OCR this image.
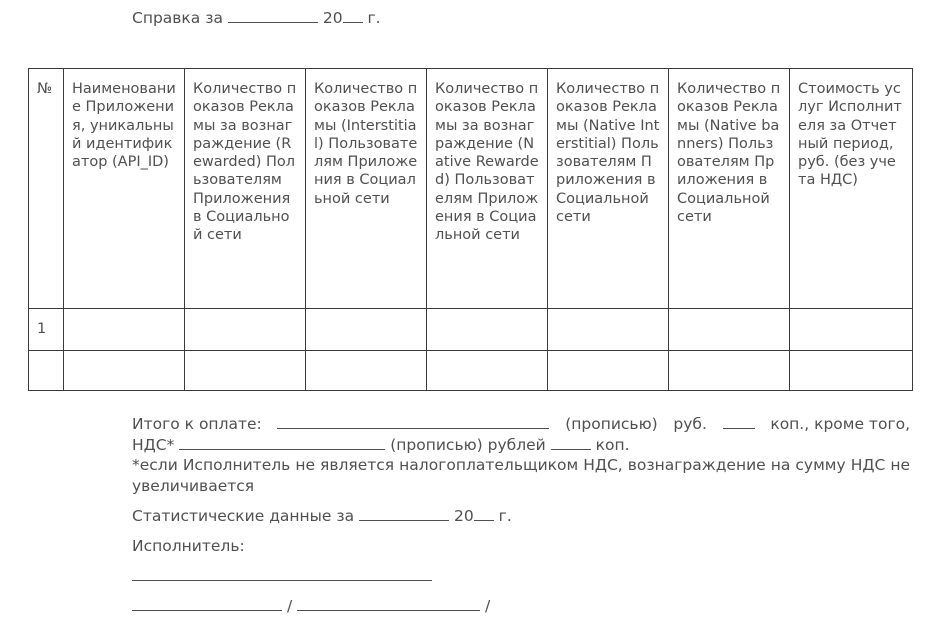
Справка за	20 г.
№	Наименование Приложения, уникальный идентификатор (API_ID)	Количество показов Рекламы за вознаграждение (Rewarded) Пользователям Приложения в Социальной сети	Количество показов Рекламы (Interstitial) Пользователям Приложения в Социальной сети	Количество показов Рекламы за вознаграждение (Native Rewarded) Пользователям Приложения в Социальной сети	Количество показов Рекламы (Native Interstitial) Пользователям Приложения в Социальной сети	Количество показов Рекламы (Native banners) Пользователям Приложения в Социальной сети	Стоимость услуг Исполнителя за Отчетный период, руб. (без учета НДС)
1							

Итого к оплате:	(прописью) руб.	коп., кроме того,
НДС*	(прописью) рублей	коп.
*если Исполнитель не является налогоплательщиком НДС, вознаграждение на сумму НДС не увеличивается
Статистические данные за	20 г.
Исполнитель:
/	/
